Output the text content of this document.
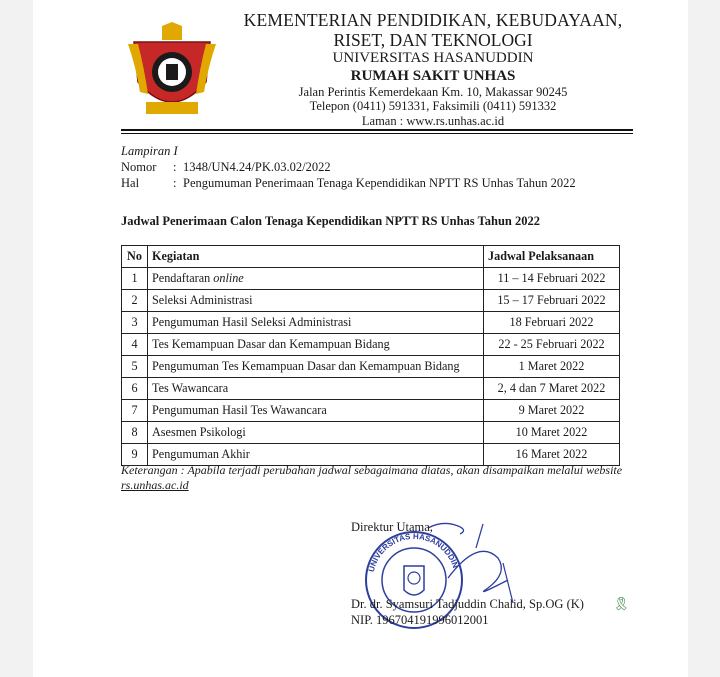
KEMENTERIAN PENDIDIKAN, KEBUDAYAAN,
RISET, DAN TEKNOLOGI
UNIVERSITAS HASANUDDIN
RUMAH SAKIT UNHAS
Jalan Perintis Kemerdekaan Km. 10, Makassar 90245
Telepon (0411) 591331, Faksimili (0411) 591332
Laman : www.rs.unhas.ac.id
Lampiran I
Nomor	: 1348/UN4.24/PK.03.02/2022
Hal	: Pengumuman Penerimaan Tenaga Kependidikan NPTT RS Unhas Tahun 2022
Jadwal Penerimaan Calon Tenaga Kependidikan NPTT RS Unhas Tahun 2022
No	Kegiatan	Jadwal Pelaksanaan
1	Pendaftaran online	11 – 14 Februari 2022
2	Seleksi Administrasi	15 – 17 Februari 2022
3	Pengumuman Hasil Seleksi Administrasi	18 Februari 2022
4	Tes Kemampuan Dasar dan Kemampuan Bidang	22 - 25 Februari 2022
5	Pengumuman Tes Kemampuan Dasar dan Kemampuan Bidang	1 Maret 2022
6	Tes Wawancara	2, 4 dan 7 Maret 2022
7	Pengumuman Hasil Tes Wawancara	9 Maret 2022
8	Asesmen Psikologi	10 Maret 2022
9	Pengumuman Akhir	16 Maret 2022
Keterangan : Apabila terjadi perubahan jadwal sebagaimana diatas, akan disampaikan melalui website rs.unhas.ac.id
UNIVERSITAS HASANUDDIN
Direktur Utama,
Dr. dr. Syamsuri Tadjuddin Chalid, Sp.OG (K)
NIP. 196704191996012001
🎗
